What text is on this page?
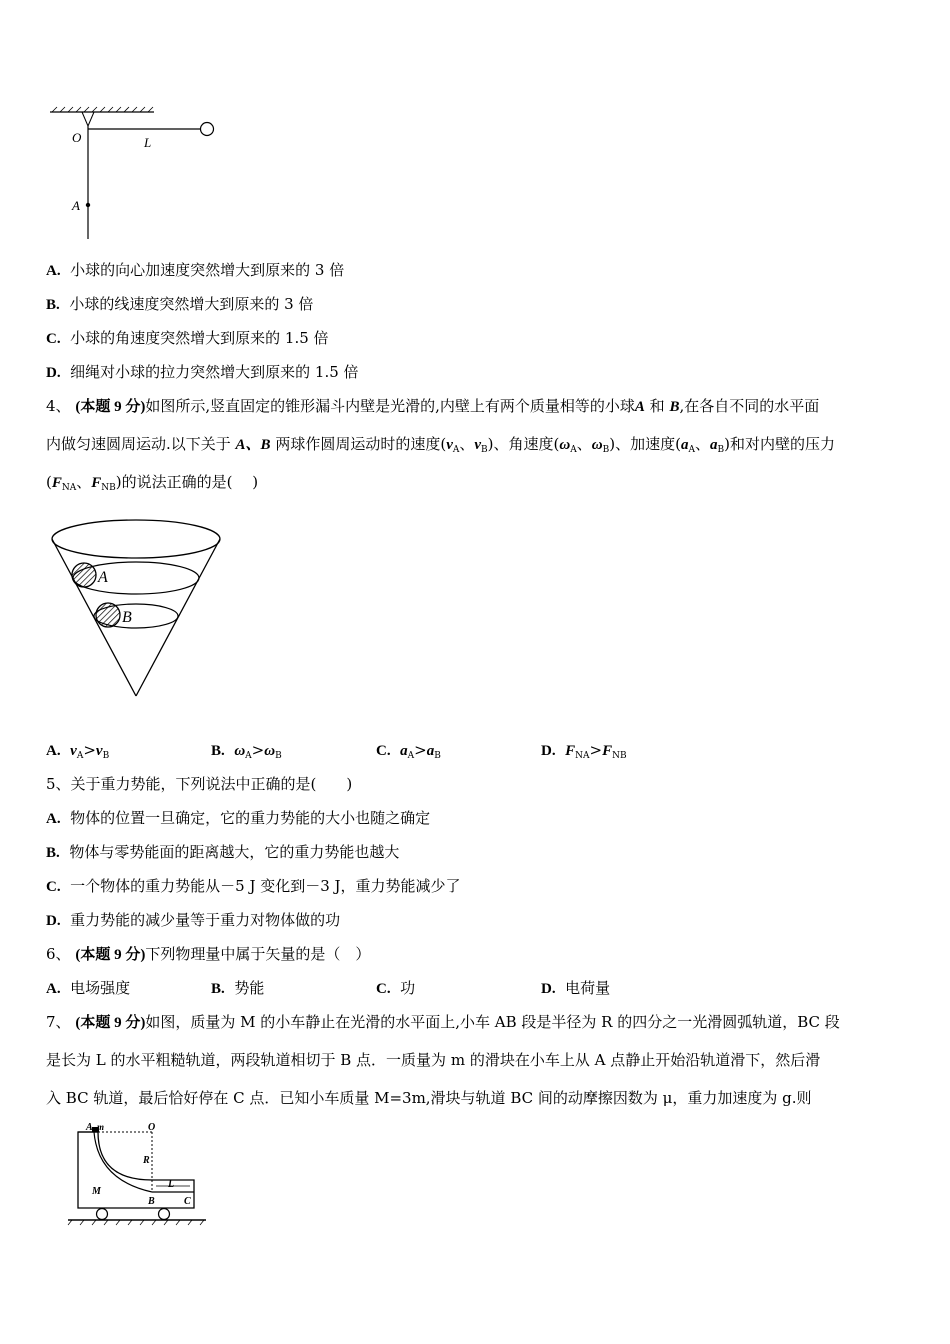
O	L
A
A. 小球的向心加速度突然增大到原来的 3 倍
B. 小球的线速度突然增大到原来的 3 倍
C. 小球的角速度突然增大到原来的 1.5 倍
D. 细绳对小球的拉力突然增大到原来的 1.5 倍
4、 (本题 9 分)如图所示,竖直固定的锥形漏斗内壁是光滑的,内壁上有两个质量相等的小球A 和 B,在各自不同的水平面
内做匀速圆周运动.以下关于 A、B 两球作圆周运动时的速度($v_A$、$v_B$)、角速度($\omega_A$、$\omega_B$)、加速度($a_A$、$a_B$)和对内壁的压力
($F_{NA}$、$F_{NB}$)的说法正确的是(　 )
A
B
A. $v_A>v_B$	B. $\omega_A>\omega_B$	C. $a_A>a_B$	D. $F_{NA}>F_{NB}$
5、关于重力势能，下列说法中正确的是(　　)
A. 物体的位置一旦确定，它的重力势能的大小也随之确定
B. 物体与零势能面的距离越大，它的重力势能也越大
C. 一个物体的重力势能从－5 J 变化到－3 J，重力势能减少了
D. 重力势能的减少量等于重力对物体做的功
6、 (本题 9 分)下列物理量中属于矢量的是（　）
A. 电场强度	B. 势能	C. 功	D. 电荷量
7、 (本题 9 分)如图，质量为 M 的小车静止在光滑的水平面上,小车 AB 段是半径为 R 的四分之一光滑圆弧轨道，BC 段
是长为 L 的水平粗糙轨道，两段轨道相切于 B 点．一质量为 m 的滑块在小车上从 A 点静止开始沿轨道滑下，然后滑
入 BC 轨道，最后恰好停在 C 点．已知小车质量 M=3m,滑块与轨道 BC 间的动摩擦因数为 μ，重力加速度为 g.则
A m	O
R
M
B	C
L
